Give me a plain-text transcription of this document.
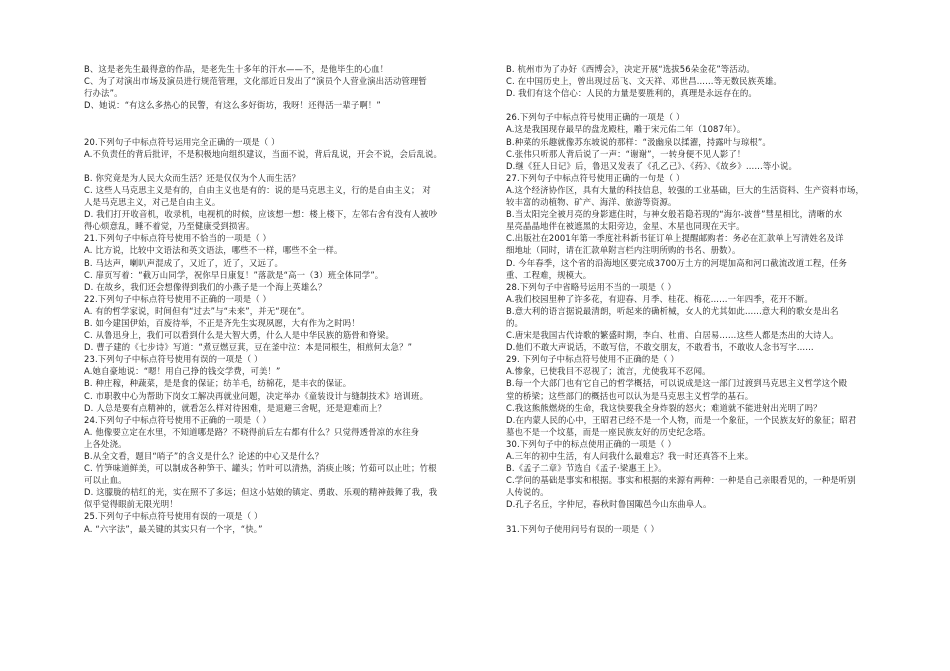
B、这是老先生最得意的作品，是老先生十多年的汗水——不，是他毕生的心血！
C、为了对演出市场及演员进行规范管理，文化部近日发出了“演员个人营业演出活动管理暂
行办法”。
D、她说：“有这么多热心的民警，有这么多好街坊，我呀！还得活一辈子啊！”
20.下列句子中标点符号运用完全正确的一项是（ ）
A.不负责任的背后批评，不是积极地向组织建议，当面不说，背后乱说，开会不说，会后乱说。
B. 你究竟是为人民大众而生活？还是仅仅为个人而生活？
C. 这些人马克思主义是有的，自由主义也是有的：说的是马克思主义，行的是自由主义； 对
人是马克思主义，对己是自由主义。
D. 我们打开收音机，收录机，电视机的时候，应该想一想：楼上楼下，左邻右舍有没有人被吵
得心烦意乱，睡不着觉，乃至健康受到损害。
21.下列句子中标点符号使用不恰当的一项是（ ）
A. 比方说，比较中文语法和英文语法，哪些不一样，哪些不全一样。
B. 马达声，喇叭声混成了，又近了，近了，又远了。
C. 扉页写着：“截万山同学，祝你早日康复！”落款是“高一（3）班全体同学”。
D. 在故乡，我们还会想像得到我们的小燕子是一个海上英雄么？
22.下列句子中标点符号使用不正确的一项是（ ）
A. 有的哲学家说，时间但有“过去”与“未来”，并无“现在”。
B. 如今建国伊始，百废待举，不正是齐先生实现夙愿，大有作为之时吗！
C. 从鲁迅身上，我们可以看到什么是大智大勇，什么人是中华民族的筋骨和脊梁。
D. 曹子建的《七步诗》写道：“煮豆燃豆萁，豆在釜中泣：本是同根生，相煎何太急？”
23.下列句子中标点符号使用有误的一项是（ ）
A.她自豪地说：“嗯！用自己挣的钱交学费，可美！”
B. 种庄稼，种蔬菜，是是食的保证；纺羊毛，纺棉花，是丰衣的保证。
C. 市职教中心为帮助下岗女工解决再就业问题，决定举办《童装设计与缝制技术》培训班。
D. 人总是要有点精神的，就看怎么样对待困难，是退避三舍呢，还是迎难而上？
24.下列句子中标点符号使用不正确的一项是（ ）
A. 他像要立定在水里，不知道哪是路？不晓得前后左右都有什么？只觉得透骨凉的水往身
上各处浇。
B.从全文看，题目“哨子”的含义是什么？论述的中心又是什么？
C. 竹笋味道鲜美，可以制成各种笋干、罐头；竹叶可以清热，消痰止咳；竹茹可以止吐；竹根
可以止血。
D. 这朦胧的桔红的光，实在照不了多远；但这小姑娘的镇定、勇敢、乐观的精神鼓舞了我，我
似乎觉得眼前无限光明！
25.下列句子中标点符号使用有误的一项是（ ）
A. “六字法”，最关键的其实只有一个字，“快。”
B. 杭州市为了办好《西博会》，决定开展“选拔56朵金花”等活动。
C. 在中国历史上，曾出现过岳飞、文天祥、邓世昌……等无数民族英雄。
D. 我们有这个信心：人民的力量是要胜利的，真理是永远存在的。
26.下列句子中标点符号使用正确的一项是（ ）
A.这是我国现存最早的盘龙殿柱，雕于宋元佑二年（1087年）。
B.种菜的乐趣就像苏东坡说的那样：“汲幽泉以揉濯，持露叶与琼根”。
C.张伟只听那人背后说了一声：“谢谢”，一转身便不见人影了！
D.继《狂人日记》后，鲁迅又发表了《孔乙己》、《药》、《故乡》……等小说。
27.下列句子中标点符号使用正确的一句是（ ）
A.这个经济协作区，具有大量的科技信息，较强的工业基础，巨大的生活资料、生产资料市场，
较丰富的动植物、矿产、海洋、旅游等资源。
B.当太阳完全被月亮的身影遮住时，与神女般若隐若现的“海尔-波普”彗星相比，清晰的水
星亮晶晶地伴在被遮黑的太阳旁边，金星、木星也同现在天宇。
C.出版社在2001年第一季度社科新书征订单上提醒邮购者：务必在汇款单上写清姓名及详
细地址（同时，请在汇款单附言栏内注明所购的书名、册数）。
D. 今年春季，这个省的沿海地区要完成3700万土方的河堤加高和河口截流改道工程，任务
重、工程难，规模大。
28.下列句子中省略号运用不当的一项是（ ）
A.我们校园里种了许多花，有迎春、月季、桂花、梅花……一年四季，花开不断。
B.意大利的语言据说最清朗，听起来的确析械，女人的尤其如此……意大利的歌女是出名
的。
C.唐宋是我国古代诗歌的繁盛时期，李白、杜甫、白居易……这些人都是杰出的大诗人。
D.他们不敢大声说话，不敢写信，不敢交朋友，不敢看书，不敢收人念书写字……
29. 下列句子中标点符号使用不正确的是（ ）
A.惨象，已使我目不忍视了；流言，尤使我耳不忍闻。
B.每一个大部门也有它自己的哲学概括，可以说成是这一部门过渡到马克思主义哲学这个殿
堂的桥梁；这些部门的概括也可以认为是马克思主义哲学的基石。
C.我这熊熊燃烧的生命，我这快要我全身炸裂的怒火；难道就不能进射出光明了吗？
D.在内蒙人民的心中，王昭君已经不是一个人物，而是一个象征，一个民族友好的象征；昭君
墓也不是一个坟墓，而是一座民族友好的历史纪念塔。
30.下列句子中的标点使用正确的一项是（ ）
A.三年的初中生活，有人问我什么最难忘？我一时还真答不上来。
B.《孟子二章》节选自《孟子·梁惠王上》。
C.学问的基础是事实和根据。事实和根据的来源有两种：一种是自己亲眼看见的，一种是听别
人传说的。
D.孔子名丘，字仲尼，春秋时鲁国陬邑今山东曲阜人。
31.下列句子使用问号有误的一项是（ ）
